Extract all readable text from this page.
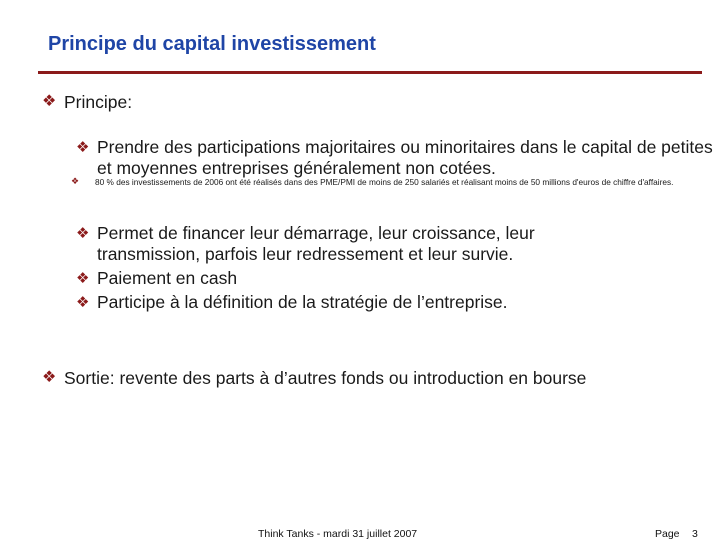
Principe du capital investissement
❖ Principe:
❖ Prendre des participations majoritaires ou minoritaires dans le capital de petites et moyennes entreprises généralement non cotées.
❖	80 % des investissements de 2006 ont été réalisés dans des PME/PMI de moins de 250 salariés et réalisant moins de 50 millions d'euros de chiffre d'affaires.
❖ Permet de financer leur démarrage, leur croissance, leur transmission, parfois leur redressement et leur survie.
❖ Paiement en cash
❖ Participe à la définition de la stratégie de l’entreprise.
❖ Sortie: revente des parts à d’autres fonds ou introduction en bourse
Think Tanks - mardi 31 juillet 2007	Page 3
